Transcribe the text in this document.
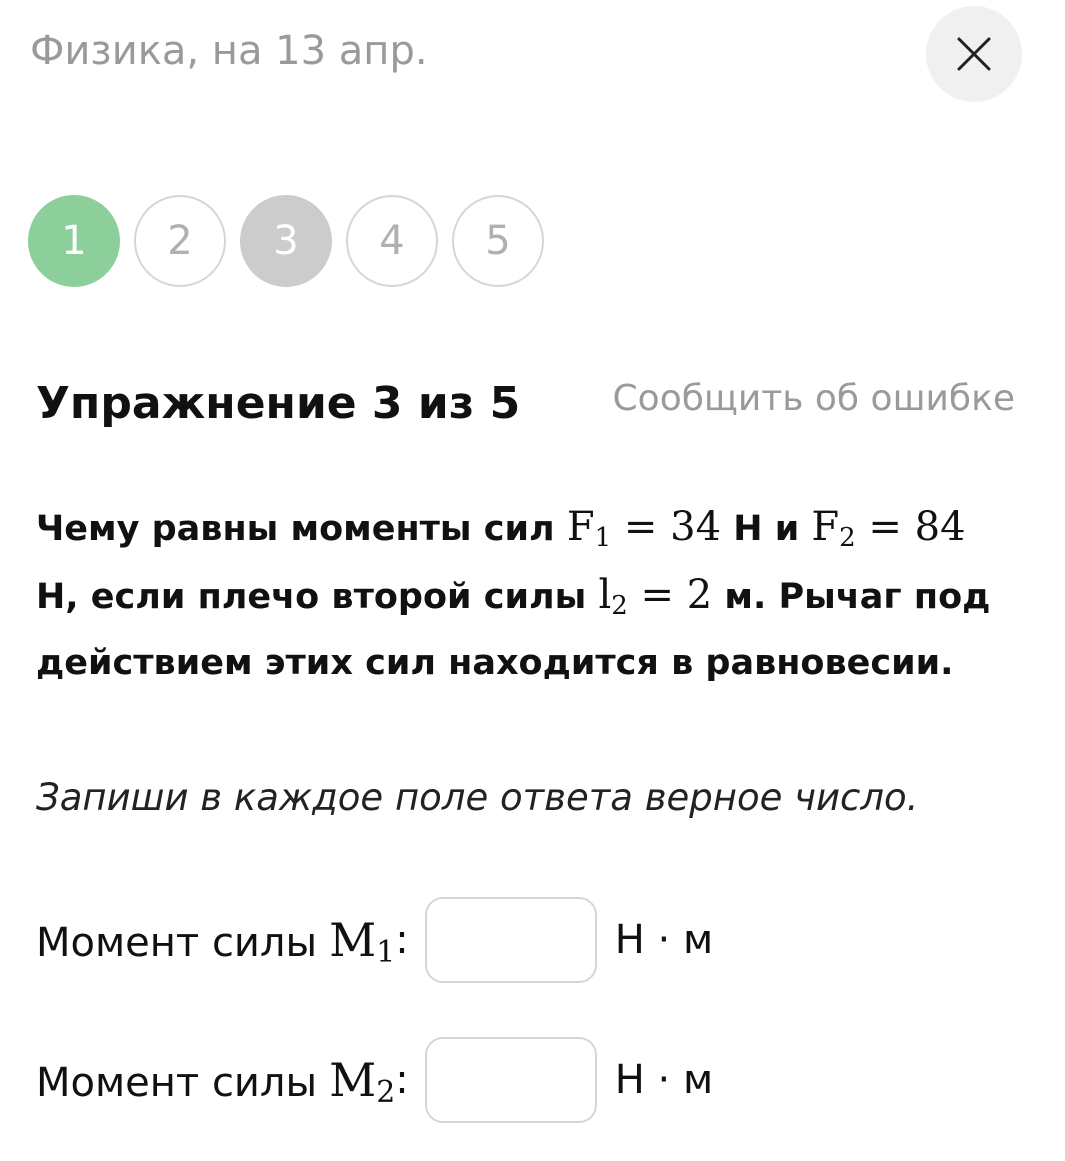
Физика, на 13 апр.
1	2	3	4	5
Упражнение 3 из 5	Сообщить об ошибке
Чему равны моменты сил $F_1 = 34$ Н и $F_2 = 84$ Н, если плечо второй силы $l_2 = 2$ м. Рычаг под действием этих сил находится в равновесии.
Запиши в каждое поле ответа верное число.
Момент силы $M_1$ :	Н · м
Момент силы $M_2$ :	Н · м
